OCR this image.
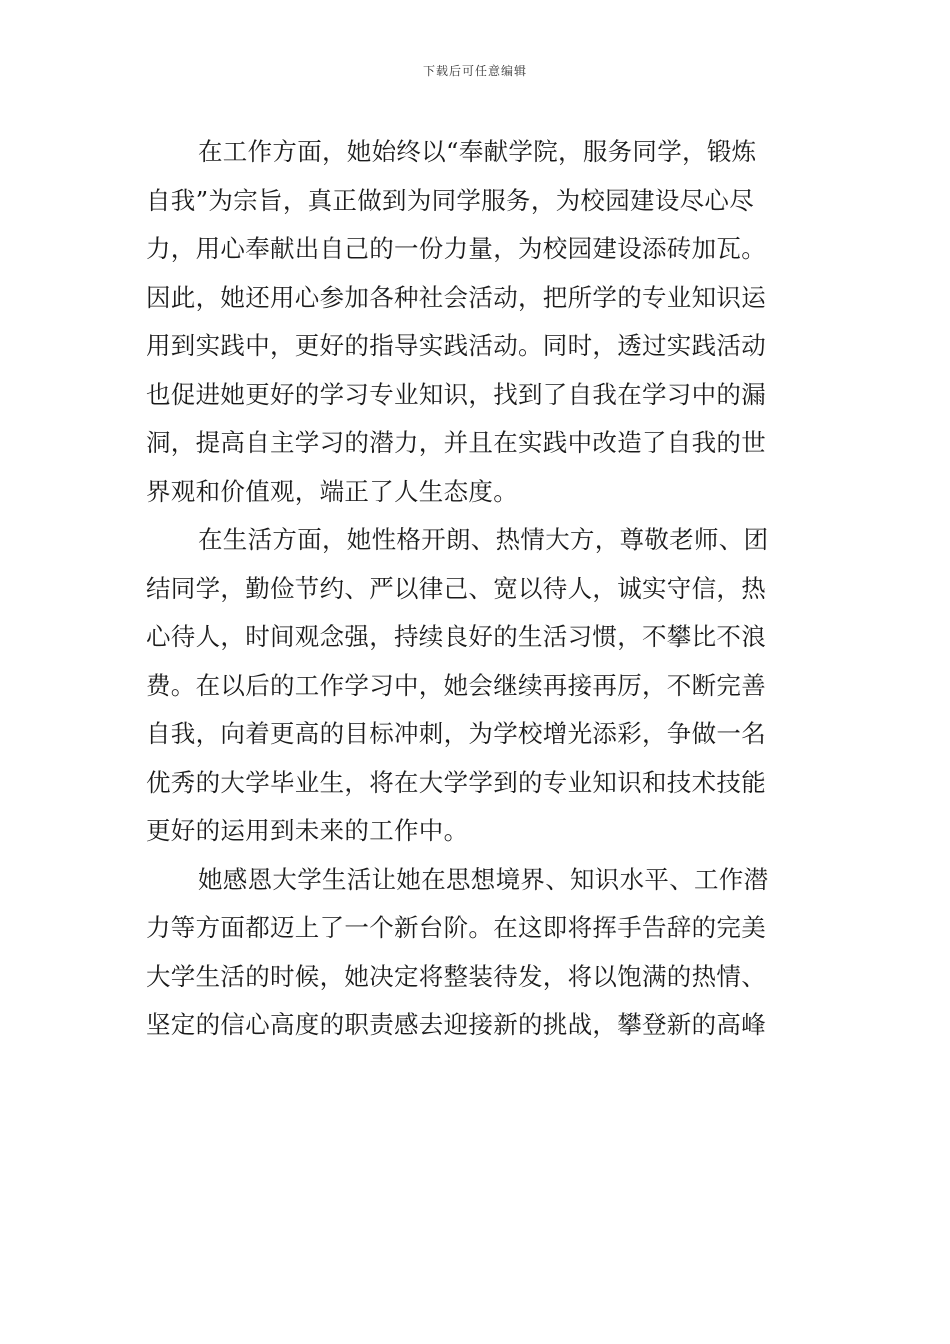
下载后可任意编辑
在工作方面，她始终以“奉献学院，服务同学，锻炼
自我”为宗旨，真正做到为同学服务，为校园建设尽心尽
力，用心奉献出自己的一份力量，为校园建设添砖加瓦。
因此，她还用心参加各种社会活动，把所学的专业知识运
用到实践中，更好的指导实践活动。同时，透过实践活动
也促进她更好的学习专业知识，找到了自我在学习中的漏
洞，提高自主学习的潜力，并且在实践中改造了自我的世
界观和价值观，端正了人生态度。
在生活方面，她性格开朗、热情大方，尊敬老师、团
结同学，勤俭节约、严以律己、宽以待人，诚实守信，热
心待人，时间观念强，持续良好的生活习惯，不攀比不浪
费。在以后的工作学习中，她会继续再接再厉，不断完善
自我，向着更高的目标冲刺，为学校增光添彩，争做一名
优秀的大学毕业生，将在大学学到的专业知识和技术技能
更好的运用到未来的工作中。
她感恩大学生活让她在思想境界、知识水平、工作潜
力等方面都迈上了一个新台阶。在这即将挥手告辞的完美
大学生活的时候，她决定将整装待发，将以饱满的热情、
坚定的信心高度的职责感去迎接新的挑战，攀登新的高峰
